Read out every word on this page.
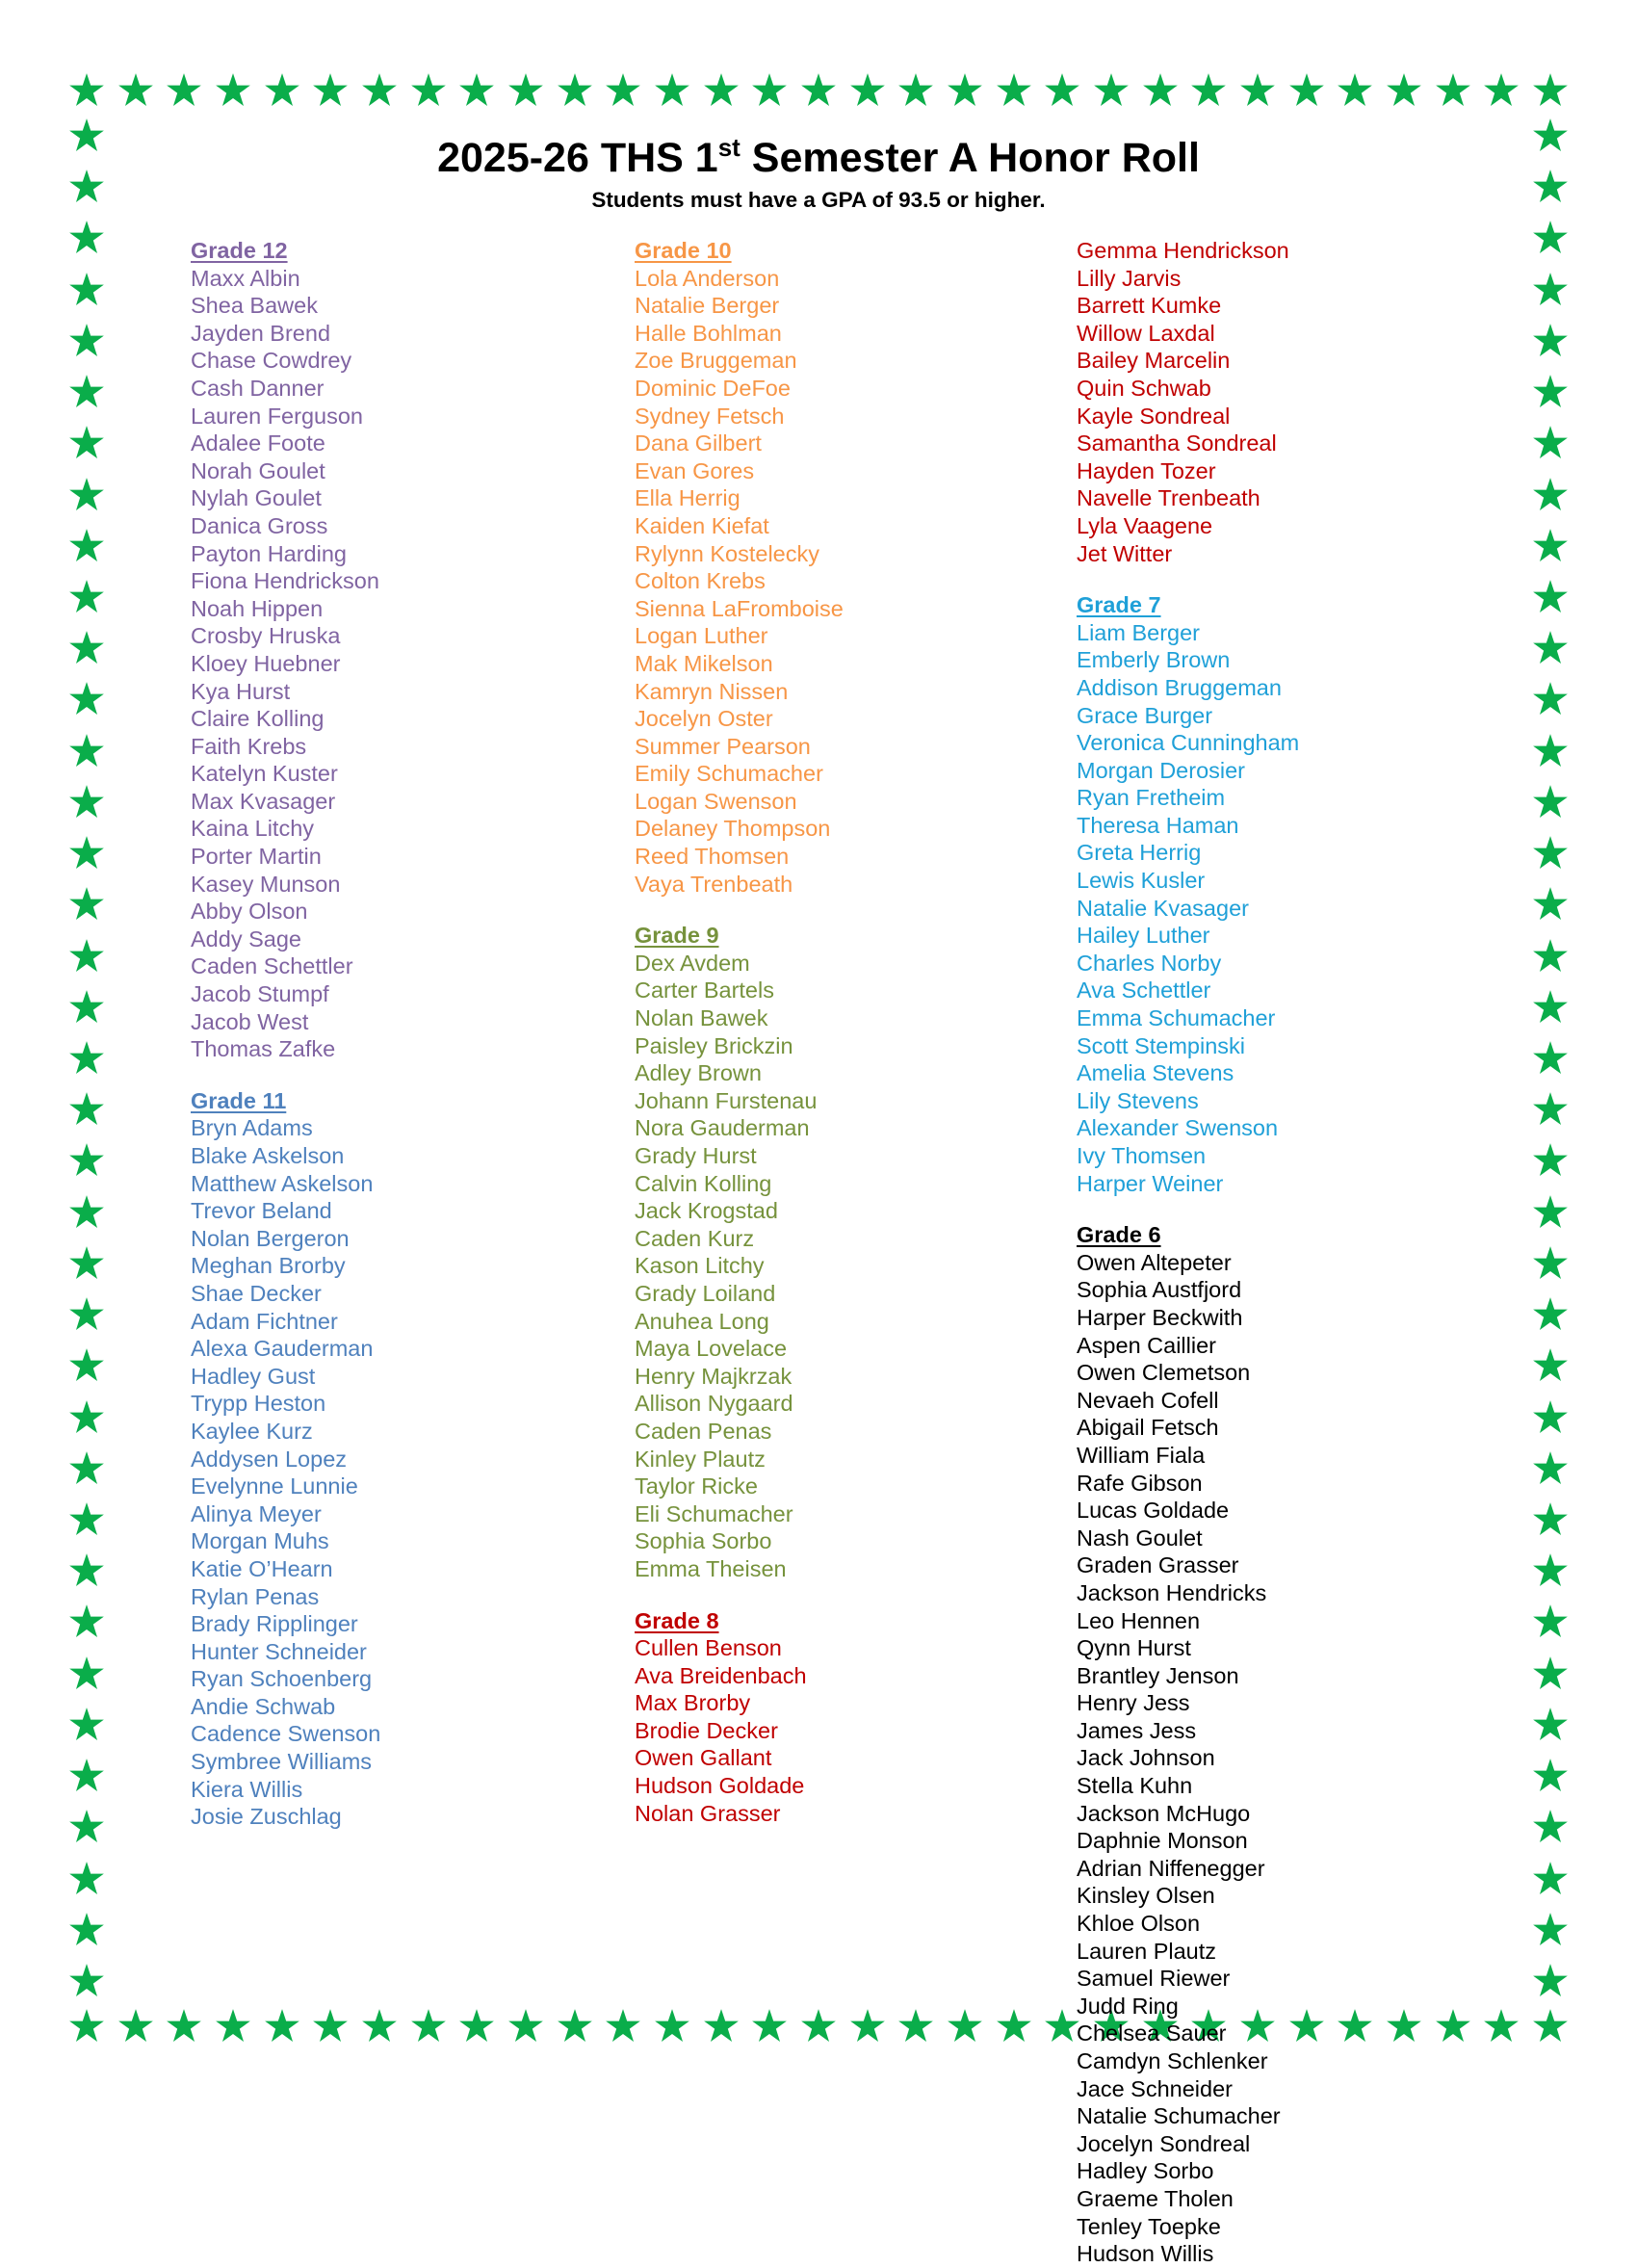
2025-26 THS 1st Semester A Honor Roll
Students must have a GPA of 93.5 or higher.
Grade 12
Maxx Albin
Shea Bawek
Jayden Brend
Chase Cowdrey
Cash Danner
Lauren Ferguson
Adalee Foote
Norah Goulet
Nylah Goulet
Danica Gross
Payton Harding
Fiona Hendrickson
Noah Hippen
Crosby Hruska
Kloey Huebner
Kya Hurst
Claire Kolling
Faith Krebs
Katelyn Kuster
Max Kvasager
Kaina Litchy
Porter Martin
Kasey Munson
Abby Olson
Addy Sage
Caden Schettler
Jacob Stumpf
Jacob West
Thomas Zafke
Grade 11
Bryn Adams
Blake Askelson
Matthew Askelson
Trevor Beland
Nolan Bergeron
Meghan Brorby
Shae Decker
Adam Fichtner
Alexa Gauderman
Hadley Gust
Trypp Heston
Kaylee Kurz
Addysen Lopez
Evelynne Lunnie
Alinya Meyer
Morgan Muhs
Katie O’Hearn
Rylan Penas
Brady Ripplinger
Hunter Schneider
Ryan Schoenberg
Andie Schwab
Cadence Swenson
Symbree Williams
Kiera Willis
Josie Zuschlag
Grade 10
Lola Anderson
Natalie Berger
Halle Bohlman
Zoe Bruggeman
Dominic DeFoe
Sydney Fetsch
Dana Gilbert
Evan Gores
Ella Herrig
Kaiden Kiefat
Rylynn Kostelecky
Colton Krebs
Sienna LaFromboise
Logan Luther
Mak Mikelson
Kamryn Nissen
Jocelyn Oster
Summer Pearson
Emily Schumacher
Logan Swenson
Delaney Thompson
Reed Thomsen
Vaya Trenbeath
Grade 9
Dex Avdem
Carter Bartels
Nolan Bawek
Paisley Brickzin
Adley Brown
Johann Furstenau
Nora Gauderman
Grady Hurst
Calvin Kolling
Jack Krogstad
Caden Kurz
Kason Litchy
Grady Loiland
Anuhea Long
Maya Lovelace
Henry Majkrzak
Allison Nygaard
Caden Penas
Kinley Plautz
Taylor Ricke
Eli Schumacher
Sophia Sorbo
Emma Theisen
Grade 8
Cullen Benson
Ava Breidenbach
Max Brorby
Brodie Decker
Owen Gallant
Hudson Goldade
Nolan Grasser
Gemma Hendrickson
Lilly Jarvis
Barrett Kumke
Willow Laxdal
Bailey Marcelin
Quin Schwab
Kayle Sondreal
Samantha Sondreal
Hayden Tozer
Navelle Trenbeath
Lyla Vaagene
Jet Witter
Grade 7
Liam Berger
Emberly Brown
Addison Bruggeman
Grace Burger
Veronica Cunningham
Morgan Derosier
Ryan Fretheim
Theresa Haman
Greta Herrig
Lewis Kusler
Natalie Kvasager
Hailey Luther
Charles Norby
Ava Schettler
Emma Schumacher
Scott Stempinski
Amelia Stevens
Lily Stevens
Alexander Swenson
Ivy Thomsen
Harper Weiner
Grade 6
Owen Altepeter
Sophia Austfjord
Harper Beckwith
Aspen Caillier
Owen Clemetson
Nevaeh Cofell
Abigail Fetsch
William Fiala
Rafe Gibson
Lucas Goldade
Nash Goulet
Graden Grasser
Jackson Hendricks
Leo Hennen
Qynn Hurst
Brantley Jenson
Henry Jess
James Jess
Jack Johnson
Stella Kuhn
Jackson McHugo
Daphnie Monson
Adrian Niffenegger
Kinsley Olsen
Khloe Olson
Lauren Plautz
Samuel Riewer
Judd Ring
Chelsea Sauer
Camdyn Schlenker
Jace Schneider
Natalie Schumacher
Jocelyn Sondreal
Hadley Sorbo
Graeme Tholen
Tenley Toepke
Hudson Willis
